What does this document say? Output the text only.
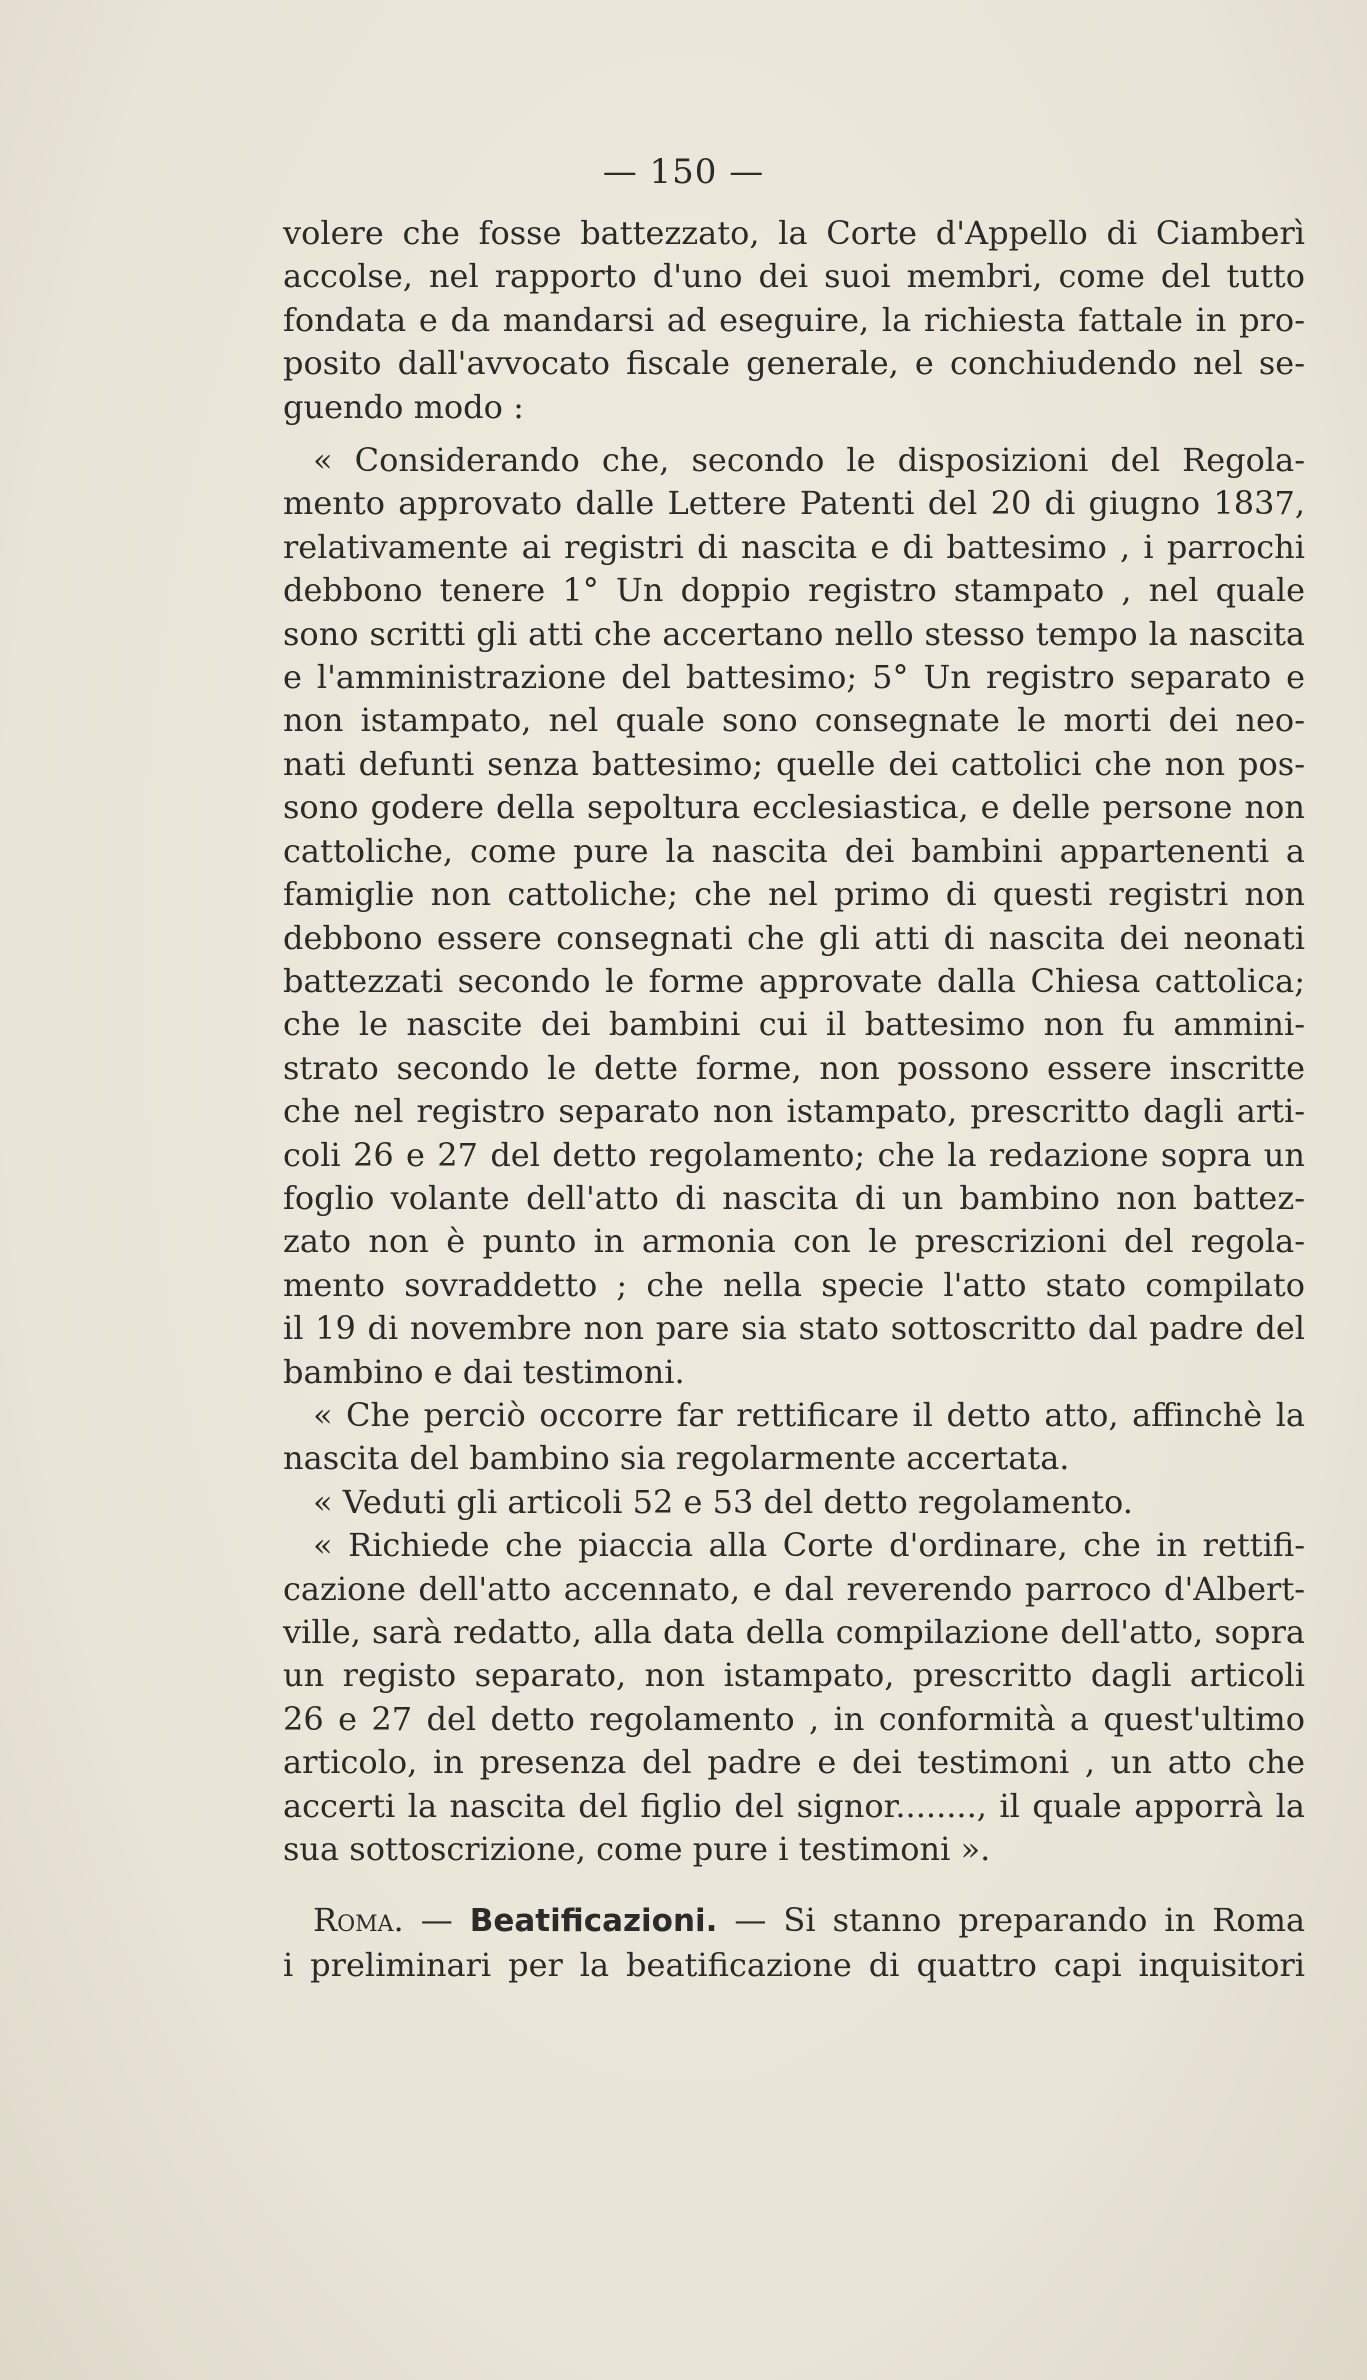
— 150 —
volere che fosse battezzato, la Corte d'Appello di Ciamberì
accolse, nel rapporto d'uno dei suoi membri, come del tutto
fondata e da mandarsi ad eseguire, la richiesta fattale in pro-
posito dall'avvocato fiscale generale, e conchiudendo nel se-
guendo modo :
« Considerando che, secondo le disposizioni del Regola-
mento approvato dalle Lettere Patenti del 20 di giugno 1837,
relativamente ai registri di nascita e di battesimo , i parrochi
debbono tenere 1° Un doppio registro stampato , nel quale
sono scritti gli atti che accertano nello stesso tempo la nascita
e l'amministrazione del battesimo; 5° Un registro separato e
non istampato, nel quale sono consegnate le morti dei neo-
nati defunti senza battesimo; quelle dei cattolici che non pos-
sono godere della sepoltura ecclesiastica, e delle persone non
cattoliche, come pure la nascita dei bambini appartenenti a
famiglie non cattoliche; che nel primo di questi registri non
debbono essere consegnati che gli atti di nascita dei neonati
battezzati secondo le forme approvate dalla Chiesa cattolica;
che le nascite dei bambini cui il battesimo non fu ammini-
strato secondo le dette forme, non possono essere inscritte
che nel registro separato non istampato, prescritto dagli arti-
coli 26 e 27 del detto regolamento; che la redazione sopra un
foglio volante dell'atto di nascita di un bambino non battez-
zato non è punto in armonia con le prescrizioni del regola-
mento sovraddetto ; che nella specie l'atto stato compilato
il 19 di novembre non pare sia stato sottoscritto dal padre del
bambino e dai testimoni.
« Che perciò occorre far rettificare il detto atto, affinchè la
nascita del bambino sia regolarmente accertata.
« Veduti gli articoli 52 e 53 del detto regolamento.
« Richiede che piaccia alla Corte d'ordinare, che in rettifi-
cazione dell'atto accennato, e dal reverendo parroco d'Albert-
ville, sarà redatto, alla data della compilazione dell'atto, sopra
un registo separato, non istampato, prescritto dagli articoli
26 e 27 del detto regolamento , in conformità a quest'ultimo
articolo, in presenza del padre e dei testimoni , un atto che
accerti la nascita del figlio del signor........, il quale apporrà la
sua sottoscrizione, come pure i testimoni ».
Roma. — Beatificazioni. — Si stanno preparando in Roma
i preliminari per la beatificazione di quattro capi inquisitori
